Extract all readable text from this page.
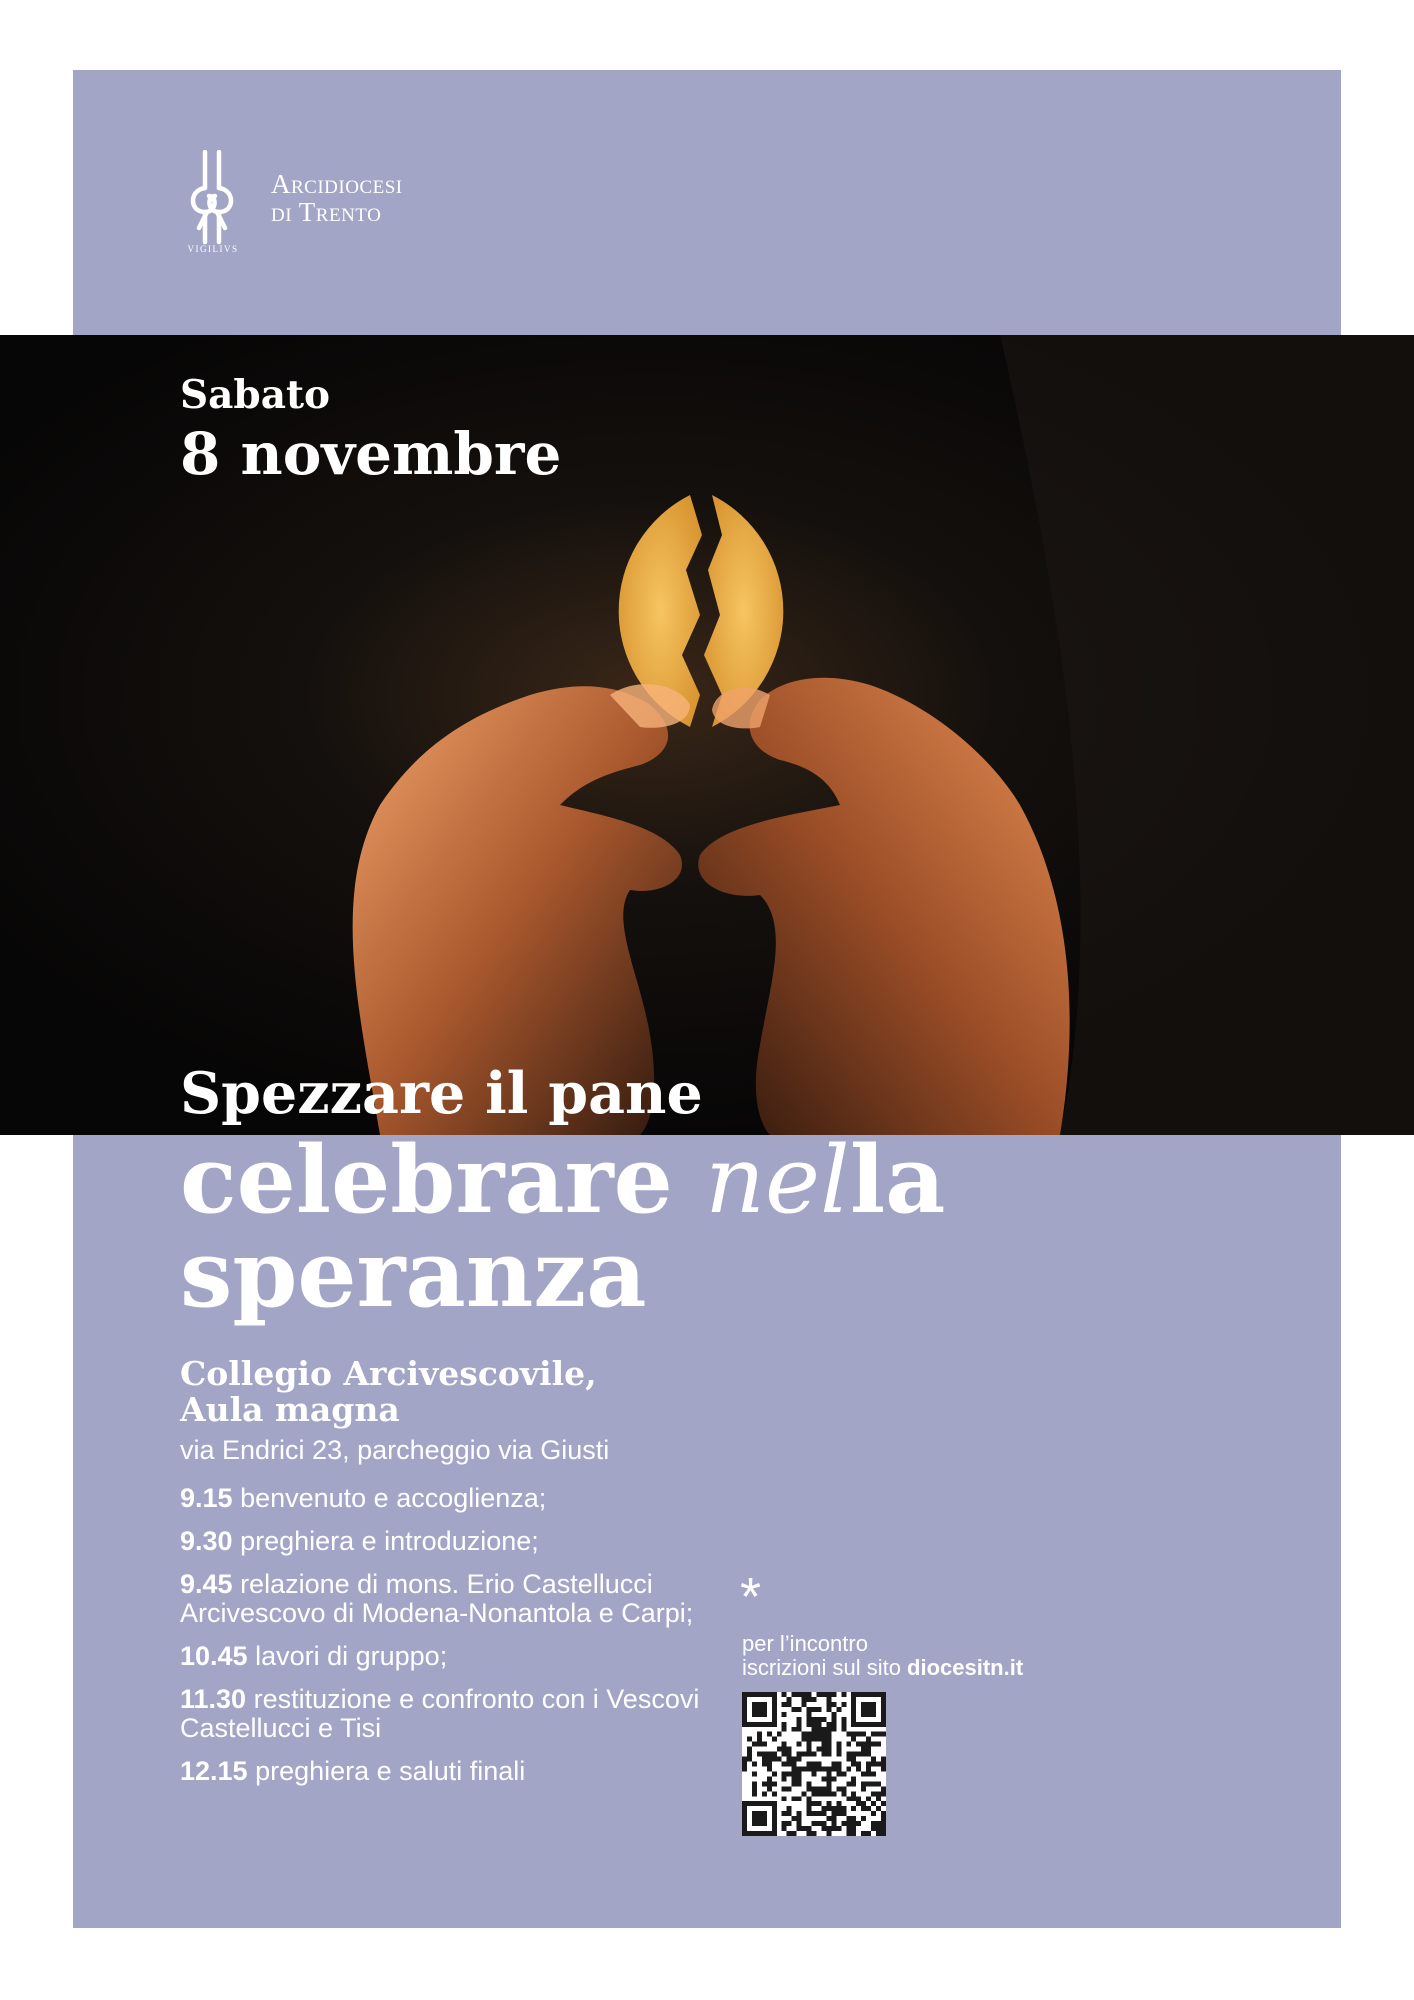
VIGILIVS
Arcidiocesi
di Trento
Sabato
8 novembre
Spezzare il pane
celebrare nella
speranza
Collegio Arcivescovile,
Aula magna
via Endrici 23, parcheggio via Giusti
9.15 benvenuto e accoglienza;
9.30 preghiera e introduzione;
9.45 relazione di mons. Erio Castellucci Arcivescovo di Modena-Nonantola e Carpi;
10.45 lavori di gruppo;
11.30 restituzione e confronto con i Vescovi Castellucci e Tisi
12.15 preghiera e saluti finali
*
per l’incontro
iscrizioni sul sito diocesitn.it
